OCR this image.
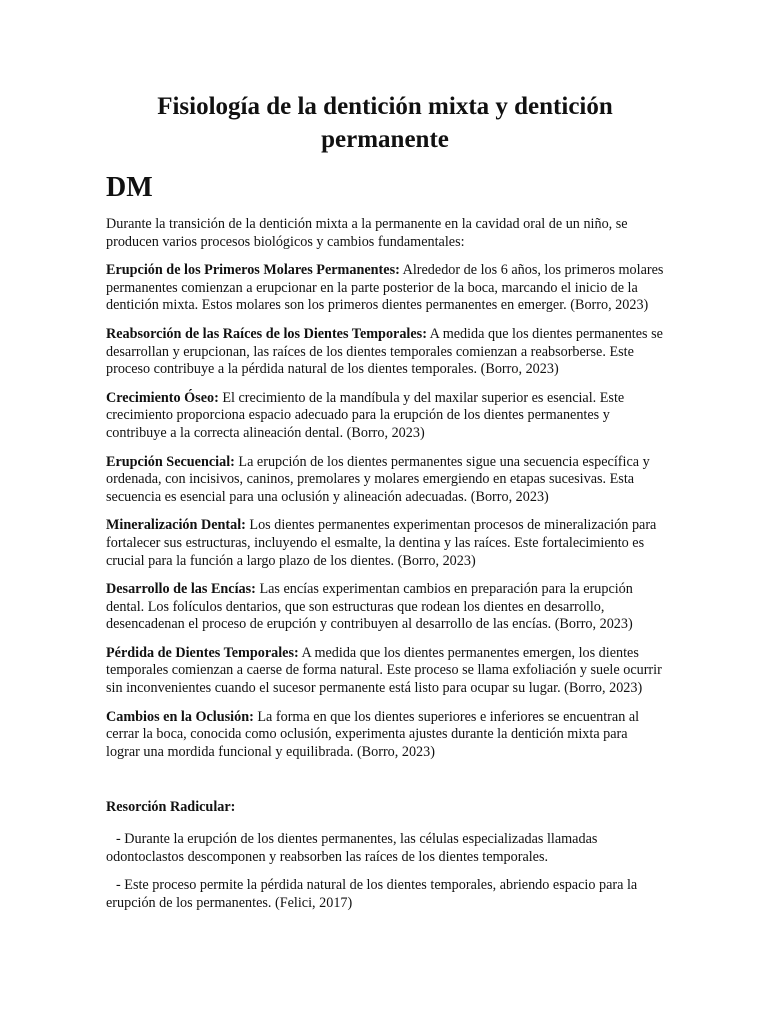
Fisiología de la dentición mixta y dentición permanente
DM

Durante la transición de la dentición mixta a la permanente en la cavidad oral de un niño, se producen varios procesos biológicos y cambios fundamentales:

Erupción de los Primeros Molares Permanentes: Alrededor de los 6 años, los primeros molares permanentes comienzan a erupcionar en la parte posterior de la boca, marcando el inicio de la dentición mixta. Estos molares son los primeros dientes permanentes en emerger. (Borro, 2023)

Reabsorción de las Raíces de los Dientes Temporales: A medida que los dientes permanentes se desarrollan y erupcionan, las raíces de los dientes temporales comienzan a reabsorberse. Este proceso contribuye a la pérdida natural de los dientes temporales. (Borro, 2023)

Crecimiento Óseo: El crecimiento de la mandíbula y del maxilar superior es esencial. Este crecimiento proporciona espacio adecuado para la erupción de los dientes permanentes y contribuye a la correcta alineación dental. (Borro, 2023)

Erupción Secuencial: La erupción de los dientes permanentes sigue una secuencia específica y ordenada, con incisivos, caninos, premolares y molares emergiendo en etapas sucesivas. Esta secuencia es esencial para una oclusión y alineación adecuadas. (Borro, 2023)

Mineralización Dental: Los dientes permanentes experimentan procesos de mineralización para fortalecer sus estructuras, incluyendo el esmalte, la dentina y las raíces. Este fortalecimiento es crucial para la función a largo plazo de los dientes. (Borro, 2023)

Desarrollo de las Encías: Las encías experimentan cambios en preparación para la erupción dental. Los folículos dentarios, que son estructuras que rodean los dientes en desarrollo, desencadenan el proceso de erupción y contribuyen al desarrollo de las encías. (Borro, 2023)

Pérdida de Dientes Temporales: A medida que los dientes permanentes emergen, los dientes temporales comienzan a caerse de forma natural. Este proceso se llama exfoliación y suele ocurrir sin inconvenientes cuando el sucesor permanente está listo para ocupar su lugar. (Borro, 2023)

Cambios en la Oclusión: La forma en que los dientes superiores e inferiores se encuentran al cerrar la boca, conocida como oclusión, experimenta ajustes durante la dentición mixta para lograr una mordida funcional y equilibrada. (Borro, 2023)

Resorción Radicular:

- Durante la erupción de los dientes permanentes, las células especializadas llamadas odontoclastos descomponen y reabsorben las raíces de los dientes temporales.

- Este proceso permite la pérdida natural de los dientes temporales, abriendo espacio para la erupción de los permanentes. (Felici, 2017)
